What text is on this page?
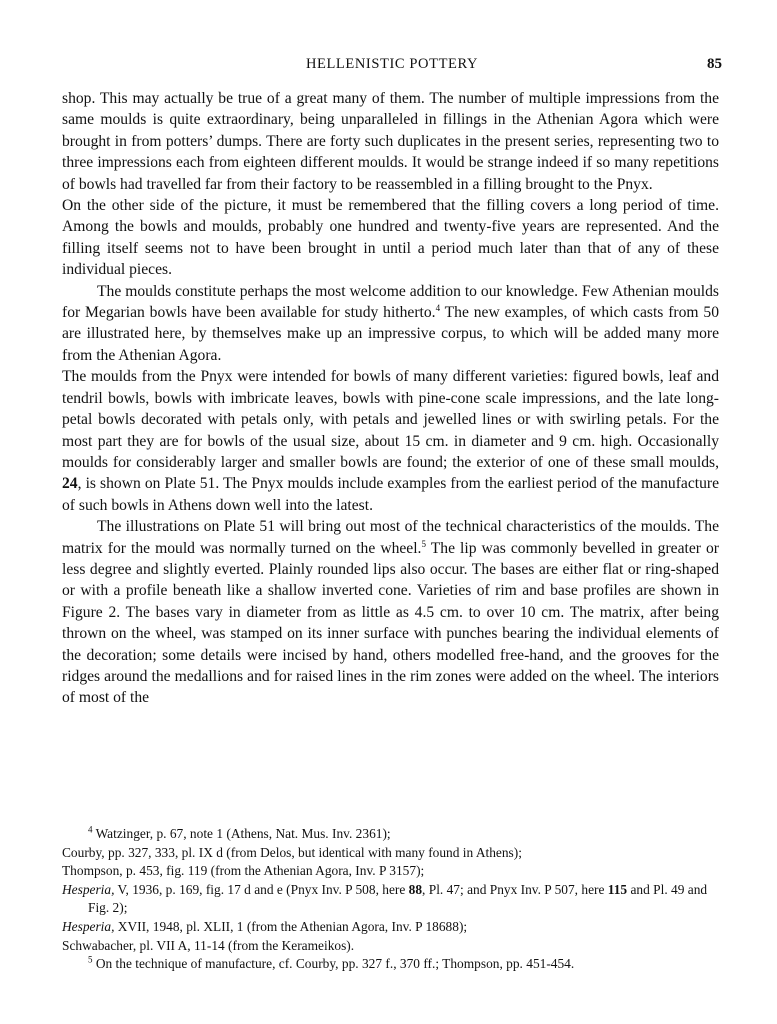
HELLENISTIC POTTERY	85

shop. This may actually be true of a great many of them. The number of multiple impressions from the same moulds is quite extraordinary, being unparalleled in fillings in the Athenian Agora which were brought in from potters’ dumps. There are forty such duplicates in the present series, representing two to three impressions each from eighteen different moulds. It would be strange indeed if so many repetitions of bowls had travelled far from their factory to be reassembled in a filling brought to the Pnyx.

On the other side of the picture, it must be remembered that the filling covers a long period of time. Among the bowls and moulds, probably one hundred and twenty-five years are represented. And the filling itself seems not to have been brought in until a period much later than that of any of these individual pieces.

The moulds constitute perhaps the most welcome addition to our knowledge. Few Athenian moulds for Megarian bowls have been available for study hitherto.$^4$ The new examples, of which casts from 50 are illustrated here, by themselves make up an impressive corpus, to which will be added many more from the Athenian Agora.

The moulds from the Pnyx were intended for bowls of many different varieties: figured bowls, leaf and tendril bowls, bowls with imbricate leaves, bowls with pine-cone scale impressions, and the late long-petal bowls decorated with petals only, with petals and jewelled lines or with swirling petals. For the most part they are for bowls of the usual size, about 15 cm. in diameter and 9 cm. high. Occasionally moulds for considerably larger and smaller bowls are found; the exterior of one of these small moulds, 24, is shown on Plate 51. The Pnyx moulds include examples from the earliest period of the manufacture of such bowls in Athens down well into the latest.

The illustrations on Plate 51 will bring out most of the technical characteristics of the moulds. The matrix for the mould was normally turned on the wheel.$^5$ The lip was commonly bevelled in greater or less degree and slightly everted. Plainly rounded lips also occur. The bases are either flat or ring-shaped or with a profile beneath like a shallow inverted cone. Varieties of rim and base profiles are shown in Figure 2. The bases vary in diameter from as little as 4.5 cm. to over 10 cm. The matrix, after being thrown on the wheel, was stamped on its inner surface with punches bearing the individual elements of the decoration; some details were incised by hand, others modelled free-hand, and the grooves for the ridges around the medallions and for raised lines in the rim zones were added on the wheel. The interiors of most of the

$^4$ Watzinger, p. 67, note 1 (Athens, Nat. Mus. Inv. 2361);

Courby, pp. 327, 333, pl. IX d (from Delos, but identical with many found in Athens);

Thompson, p. 453, fig. 119 (from the Athenian Agora, Inv. P 3157);

Hesperia, V, 1936, p. 169, fig. 17 d and e (Pnyx Inv. P 508, here 88, Pl. 47; and Pnyx Inv. P 507, here 115 and Pl. 49 and Fig. 2);

Hesperia, XVII, 1948, pl. XLII, 1 (from the Athenian Agora, Inv. P 18688);

Schwabacher, pl. VII A, 11-14 (from the Kerameikos).

$^5$ On the technique of manufacture, cf. Courby, pp. 327 f., 370 ff.; Thompson, pp. 451-454.
